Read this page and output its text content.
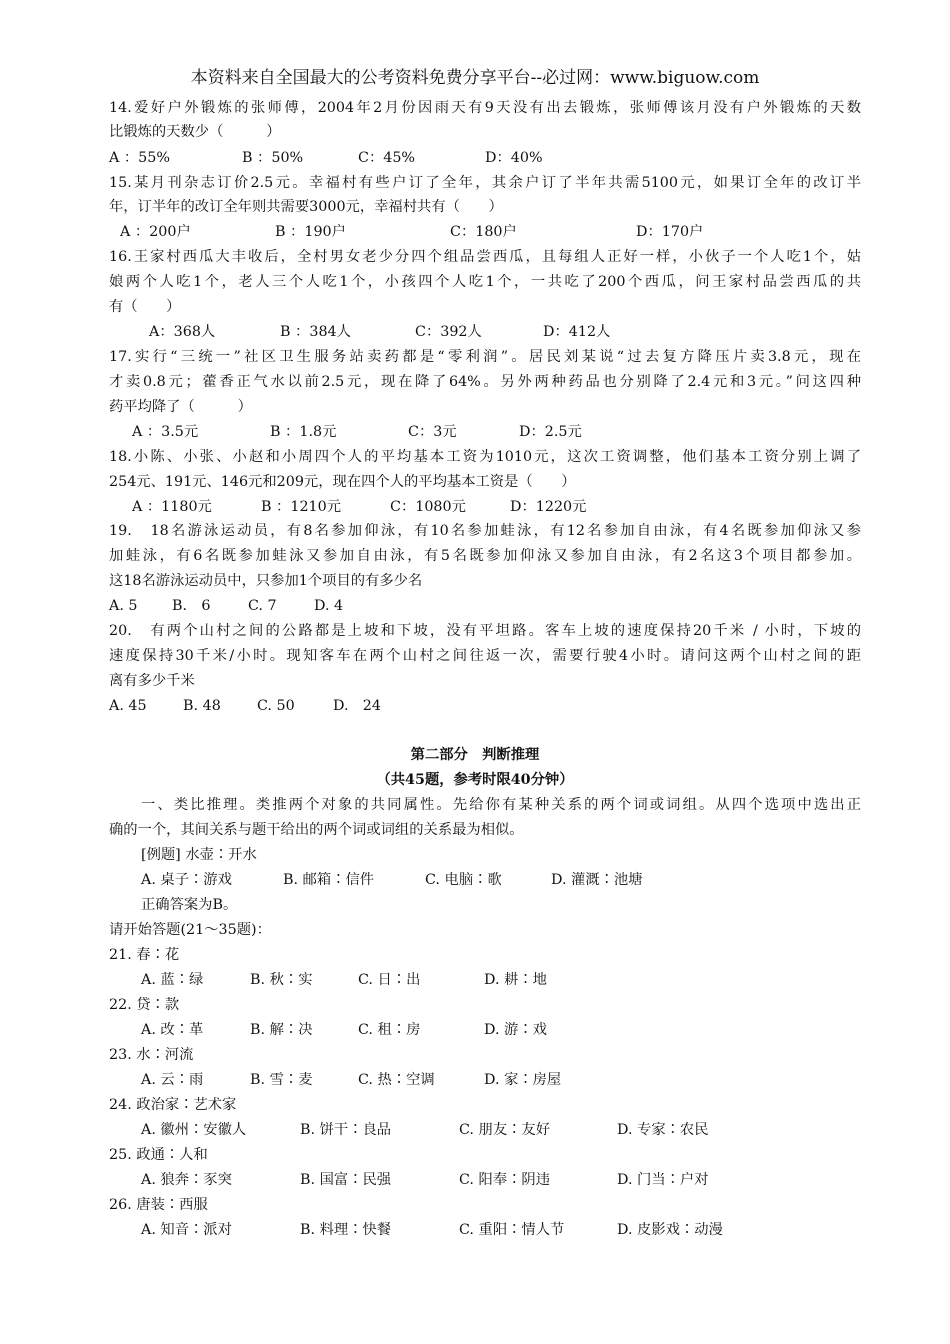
本资料来自全国最大的公考资料免费分享平台--必过网：www.biguow.com
14.爱好户外锻炼的张师傅，2004年2月份因雨天有9天没有出去锻炼，张师傅该月没有户外锻炼的天数
比锻炼的天数少（　　　）
A ：55%	B ：50%	C：45%	D：40%
15.某月刊杂志订价2.5元。幸福村有些户订了全年，其余户订了半年共需5100元，如果订全年的改订半
年，订半年的改订全年则共需要3000元，幸福村共有（　　）
A ：200户	B ：190户	C：180户	D：170户
16.王家村西瓜大丰收后，全村男女老少分四个组品尝西瓜，且每组人正好一样，小伙子一个人吃1个，姑
娘两个人吃1个，老人三个人吃1个，小孩四个人吃1个，一共吃了200个西瓜，问王家村品尝西瓜的共
有（　　）
A：368人	B ：384人	C：392人	D：412人
17.实行“三统一”社区卫生服务站卖药都是“零利润”。居民刘某说“过去复方降压片卖3.8元，现在
才卖0.8元；藿香正气水以前2.5元，现在降了64%。另外两种药品也分别降了2.4元和3元。”问这四种
药平均降了（　　　）
A ：3.5元	B ：1.8元	C：3元	D：2.5元
18.小陈、小张、小赵和小周四个人的平均基本工资为1010元，这次工资调整，他们基本工资分别上调了
254元、191元、146元和209元，现在四个人的平均基本工资是（　　）
A ：1180元	B ：1210元	C：1080元	D：1220元
19.　18名游泳运动员，有8名参加仰泳，有10名参加蛙泳，有12名参加自由泳，有4名既参加仰泳又参
加蛙泳，有6名既参加蛙泳又参加自由泳，有5名既参加仰泳又参加自由泳，有2名这3个项目都参加。
这18名游泳运动员中，只参加1个项目的有多少名
A. 5 B.　6	C. 7	D. 4
20.　有两个山村之间的公路都是上坡和下坡，没有平坦路。客车上坡的速度保持20千米 / 小时，下坡的
速度保持30千米/小时。现知客车在两个山村之间往返一次，需要行驶4小时。请问这两个山村之间的距
离有多少千米
A. 45	B. 48	C. 50	D.　24
第二部分　判断推理
（共45题，参考时限40分钟）
一、类比推理。类推两个对象的共同属性。先给你有某种关系的两个词或词组。从四个选项中选出正
确的一个，其间关系与题干给出的两个词或词组的关系最为相似。
[例题] 水壶∶开水
A. 桌子∶游戏	B. 邮箱∶信件	C. 电脑∶歌	D. 灌溉∶池塘
正确答案为B。
请开始答题(21～35题)：
21. 春∶花
A. 蓝∶绿	B. 秋∶实	C. 日∶出	D. 耕∶地
22. 贷∶款
A. 改∶革	B. 解∶决	C. 租∶房	D. 游∶戏
23. 水∶河流
A. 云∶雨	B. 雪∶麦	C. 热∶空调	D. 家∶房屋
24. 政治家∶艺术家
A. 徽州∶安徽人	B. 饼干∶良品	C. 朋友∶友好	D. 专家∶农民
25. 政通∶人和
A. 狼奔∶豕突	B. 国富∶民强	C. 阳奉∶阴违	D. 门当∶户对
26. 唐装∶西服
A. 知音∶派对	B. 料理∶快餐	C. 重阳∶情人节	D. 皮影戏∶动漫
